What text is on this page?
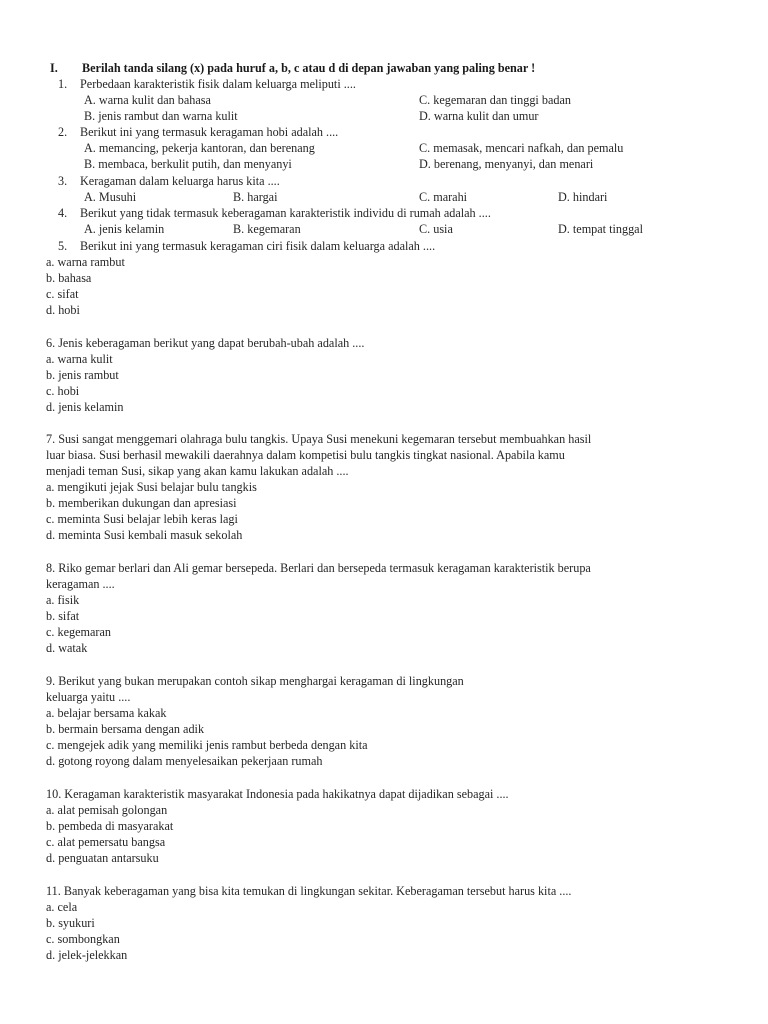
I. Berilah tanda silang (x) pada huruf a, b, c atau d di depan jawaban yang paling benar !
1. Perbedaan karakteristik fisik dalam keluarga meliputi ....
A. warna kulit dan bahasa	C. kegemaran dan tinggi badan
B. jenis rambut dan warna kulit	D. warna kulit dan umur
2. Berikut ini yang termasuk keragaman hobi adalah ....
A. memancing, pekerja kantoran, dan berenang	C. memasak, mencari nafkah, dan pemalu
B. membaca, berkulit putih, dan menyanyi	D. berenang, menyanyi, dan menari
3. Keragaman dalam keluarga harus kita ....
A. Musuhi	B. hargai	C. marahi	D. hindari
4. Berikut yang tidak termasuk keberagaman karakteristik individu di rumah adalah ....
A. jenis kelamin	B. kegemaran	C. usia	D. tempat tinggal
5. Berikut ini yang termasuk keragaman ciri fisik dalam keluarga adalah ....
a. warna rambut
b. bahasa
c. sifat
d. hobi
6. Jenis keberagaman berikut yang dapat berubah-ubah adalah ....
a. warna kulit
b. jenis rambut
c. hobi
d. jenis kelamin
7. Susi sangat menggemari olahraga bulu tangkis. Upaya Susi menekuni kegemaran tersebut membuahkan hasil
luar biasa. Susi berhasil mewakili daerahnya dalam kompetisi bulu tangkis tingkat nasional. Apabila kamu
menjadi teman Susi, sikap yang akan kamu lakukan adalah ....
a. mengikuti jejak Susi belajar bulu tangkis
b. memberikan dukungan dan apresiasi
c. meminta Susi belajar lebih keras lagi
d. meminta Susi kembali masuk sekolah
8. Riko gemar berlari dan Ali gemar bersepeda. Berlari dan bersepeda termasuk keragaman karakteristik berupa
keragaman ....
a. fisik
b. sifat
c. kegemaran
d. watak
9. Berikut yang bukan merupakan contoh sikap menghargai keragaman di lingkungan
keluarga yaitu ....
a. belajar bersama kakak
b. bermain bersama dengan adik
c. mengejek adik yang memiliki jenis rambut berbeda dengan kita
d. gotong royong dalam menyelesaikan pekerjaan rumah
10. Keragaman karakteristik masyarakat Indonesia pada hakikatnya dapat dijadikan sebagai ....
a. alat pemisah golongan
b. pembeda di masyarakat
c. alat pemersatu bangsa
d. penguatan antarsuku
11. Banyak keberagaman yang bisa kita temukan di lingkungan sekitar. Keberagaman tersebut harus kita ....
a. cela
b. syukuri
c. sombongkan
d. jelek-jelekkan
